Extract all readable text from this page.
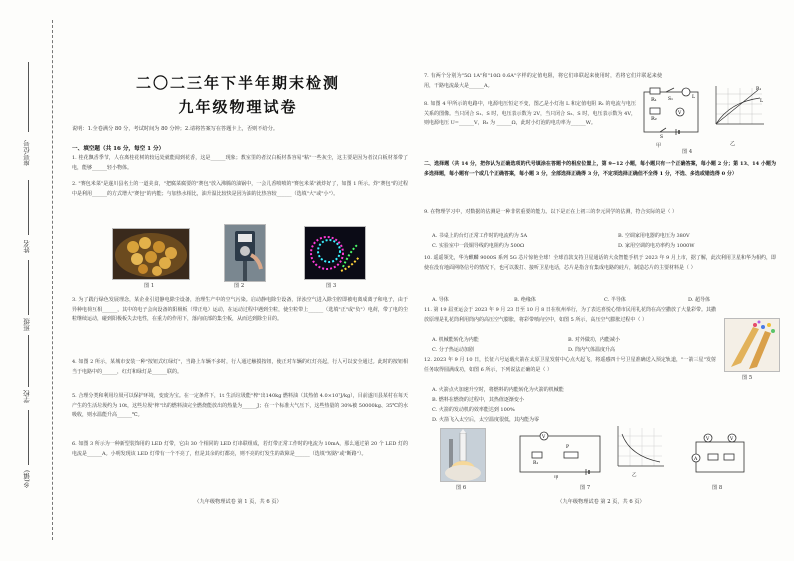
座号位号
姓名
班级
学校
乡(镇)
二〇二三年下半年期末检测
九年级物理试卷
说明：1.全卷满分 80 分，考试时间为 80 分钟；2.请将答案写在答题卡上，否则不给分。
一、填空题（共 16 分，每空 1 分）
1. 桂花飘香季节，人在离桂花树的较远处就能闻到花香，这是______现象；教室里的者汉白板材茶容易"粘"一些灰尘，这主要是因为者汉白板材茶带了电，能够______轻小物体。
2. "赛包米菜"是遂川县名土的一道美食，"把腐菜腐要的"赛包"放入沸腾的油锅中，一会儿香喷喷的"赛包米菜"就炸好了，如图 1 所示。炸"赛包"的过程中是利用______的方式增大"赛包"的内能；与加热水相比，油升温比较快是因为油的比热容较______（选填"大"或"小"）。
图 1	图 2	图 3
3. 为了践行绿色发展理念，某企业引进静电除尘设备，治理生产中的空气污染。启动静电除尘设备，泽浊空气进入除尘腔即被电离成离子和电子，由于异种电荷互相______，其中的电子会向设备的阳极板（带正电）运动，在运动过程中遇到尘粒，使尘粒带上______（选填"正"或"负"）电荷，带了电的尘粒继续运动，碰到阳极板失去电性，在重力的作用下，落向底部的集尘板，从而达到除尘目的。
4. 如图 2 所示，某城市安装一种"按钮式红绿灯"，当路上车辆不多时，行人通过触摸按钮，使正对车辆的红灯亮起，行人可以安全通过。此时的按钮相当于电路中的______，红灯和绿灯是______联的。
5. 合理分类和利用垃圾可以保护环境，变废为宝。在一定条件下，1t 生活垃圾能"榨"出140kg 燃料油（其热值 4.0×10⁷J/kg），目前遂川县某村在每天产生的生活垃圾约为 10t，这些垃圾"榨"出的燃料油完全燃烧能放出的热量为______J；在一个标准大气压下，这些热量的 30%被 50000kg、35℃的水吸收，则水温能升高______℃。
6. 如图 3 所示为一种新型装饰用的 LED 灯带，它由 30 个相同的 LED 灯串联组成，若灯带正常工作时的电流为 10mA，那么通过第 20 个 LED 灯的电流是______A。小明发现该 LED 灯带有一个不亮了，但是其余的灯都亮，则不亮的灯发生的故障是______（选填"短路"或"断路"）。
（九年级物理试卷 第 1 页，共 6 页）
7. 有两个分别为"5Ω 1A"和"10Ω 0.6A"字样的定值电阻，将它们串联起来使用时，若将它们并联起来使用，干路电流最大是______A。
8. 如图 4 甲所示的电路中，电源电压恒定不变，图乙是小灯泡 L 和定值电阻 R₁ 的电流与电压关系的图像。当只闭合 S₁、S 时，电压表示数为 2V，当只闭合 S₂、S 时，电压表示数为 4V，则电源电压 U=______V，R₂ 为 ______Ω，此时小灯泡的电功率为______W。
R₁ S₁	L
R₂
V
S
R₁
L
甲	乙
图 4
二、选择题（共 14 分，把你认为正确选项的代号填涂在答题卡的相应位置上，第 9~12 小题，每小题只有一个正确答案，每小题 2 分；第 13、14 小题为多选择题，每小题有一个或几个正确答案，每小题 3 分，全部选择正确得 3 分，不定项选择正确但不全得 1 分，不选、多选或错选得 0 分）
9. 在物理学习中，对数据的估测是一种非常重要的能力。以下是正在上初三的李元同学的估测，符合实际的是（ ）
A. 书桌上的台灯正常工作时的电流约为 5A	B. 空调家用电器的电压为 380V
C. 实验室中一段铜导线的电阻约为 500Ω	D. 家用空调的电功率约为 1000W
10. 遥遥领先，华为麒麟 9000S 系列 5G 芯片惊艳全球！全球首款支持卫星通话的大众智能手机于 2023 年 9 月上市，据了解，此次利用卫星和华为相约，即使在没有地面网络信号的情况下，也可以拨打、接听卫星电话，芯片是指含有集成电路的硅片，制造芯片的主要材料是（ ）
A. 导体	B. 绝缘体	C. 半导体	D. 超导体
11. 第 19 届亚运会于 2023 年 9 月 23 日至 10 月 8 日在杭州举行，为了表达喜悦心情市民用礼花筒在高空撒放了大量彩带。其撒放原理是礼花筒利用筒内的高压空气膨胀，将彩带喷向空中，如图 5 所示，高压空气膨胀过程中（ ）
A. 机械能转化为内能	B. 对外做功，内能减小
C. 分子热运动加剧	D. 筒内气体温度升高
图 5
12. 2023 年 9 月 10 日，长征六号运载火箭在太原卫星发射中心点火起飞，将遥感四十号卫星准确送入预定轨道，"一箭三星"发射任务取得圆满成功，如图 6 所示，下列说法正确的是（ ）
A. 火箭点火加速升空时，将燃料的内能转化为火箭的机械能
B. 燃料在燃烧的过程中，其热值逐渐变小
C. 火箭的发动机的效率能达到 100%
D. 火箭飞入太空后，太空温度很低，其内能为零
图 6
V
P
R₁
甲
乙
图 7
V	V
A
图 8
（九年级物理试卷 第 2 页，共 6 页）
